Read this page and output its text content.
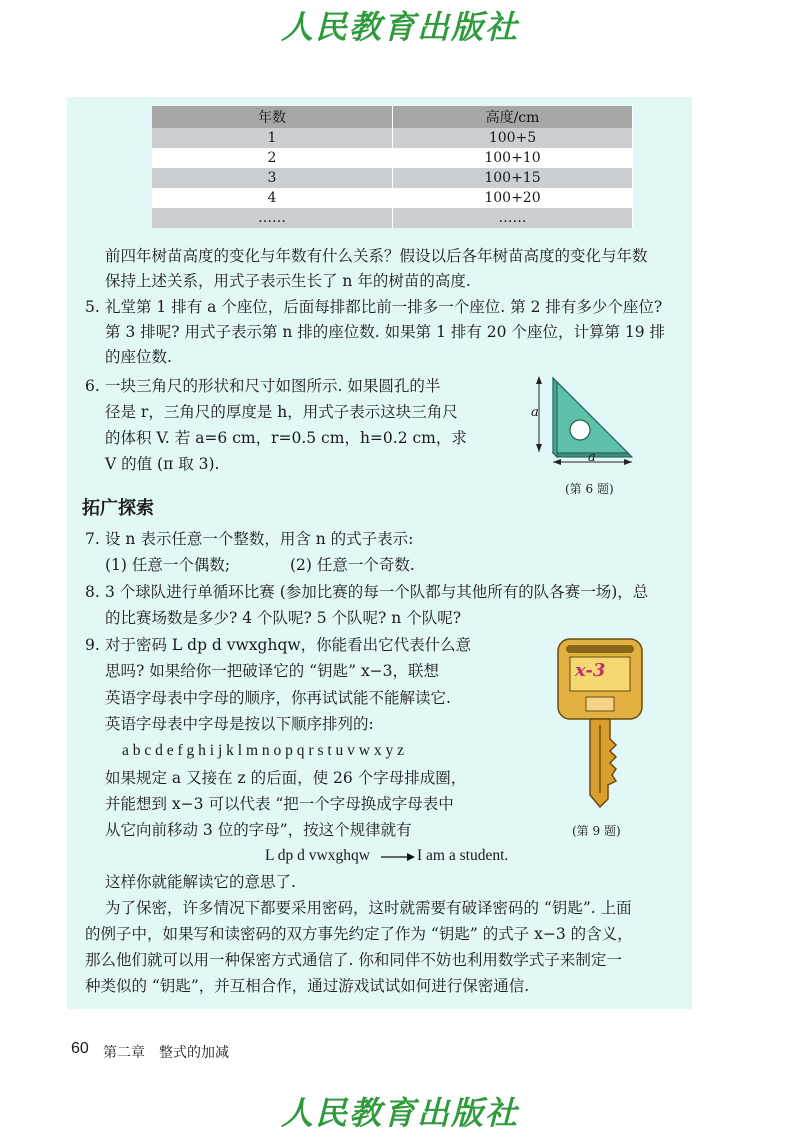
人民教育出版社
年数	高度/cm
1	100+5
2	100+10
3	100+15
4	100+20
……	……
前四年树苗高度的变化与年数有什么关系？假设以后各年树苗高度的变化与年数
保持上述关系，用式子表示生长了 n 年的树苗的高度.
5. 礼堂第 1 排有 a 个座位，后面每排都比前一排多一个座位. 第 2 排有多少个座位?
第 3 排呢? 用式子表示第 n 排的座位数. 如果第 1 排有 20 个座位，计算第 19 排
的座位数.
6. 一块三角尺的形状和尺寸如图所示. 如果圆孔的半
径是 r，三角尺的厚度是 h，用式子表示这块三角尺
的体积 V. 若 a=6 cm，r=0.5 cm，h=0.2 cm，求
V 的值 (π 取 3).
a
a
(第 6 题)
拓广探索
7. 设 n 表示任意一个整数，用含 n 的式子表示:
(1) 任意一个偶数;	(2) 任意一个奇数.
8. 3 个球队进行单循环比赛 (参加比赛的每一个队都与其他所有的队各赛一场)，总
的比赛场数是多少? 4 个队呢? 5 个队呢? n 个队呢?
9. 对于密码 L dp d vwxghqw，你能看出它代表什么意
思吗? 如果给你一把破译它的 “钥匙” x−3，联想
英语字母表中字母的顺序，你再试试能不能解读它.
英语字母表中字母是按以下顺序排列的:
a b c d e f g h i j k l m n o p q r s t u v w x y z
如果规定 a 又接在 z 的后面，使 26 个字母排成圈，
并能想到 x−3 可以代表 “把一个字母换成字母表中
从它向前移动 3 位的字母”，按这个规律就有
L dp d vwxghqw	I am a student.
x-3
(第 9 题)
这样你就能解读它的意思了.
为了保密，许多情况下都要采用密码，这时就需要有破译密码的 “钥匙”. 上面
的例子中，如果写和读密码的双方事先约定了作为 “钥匙” 的式子 x−3 的含义，
那么他们就可以用一种保密方式通信了. 你和同伴不妨也利用数学式子来制定一
种类似的 “钥匙”，并互相合作，通过游戏试试如何进行保密通信.
60 第二章　整式的加减
人民教育出版社
